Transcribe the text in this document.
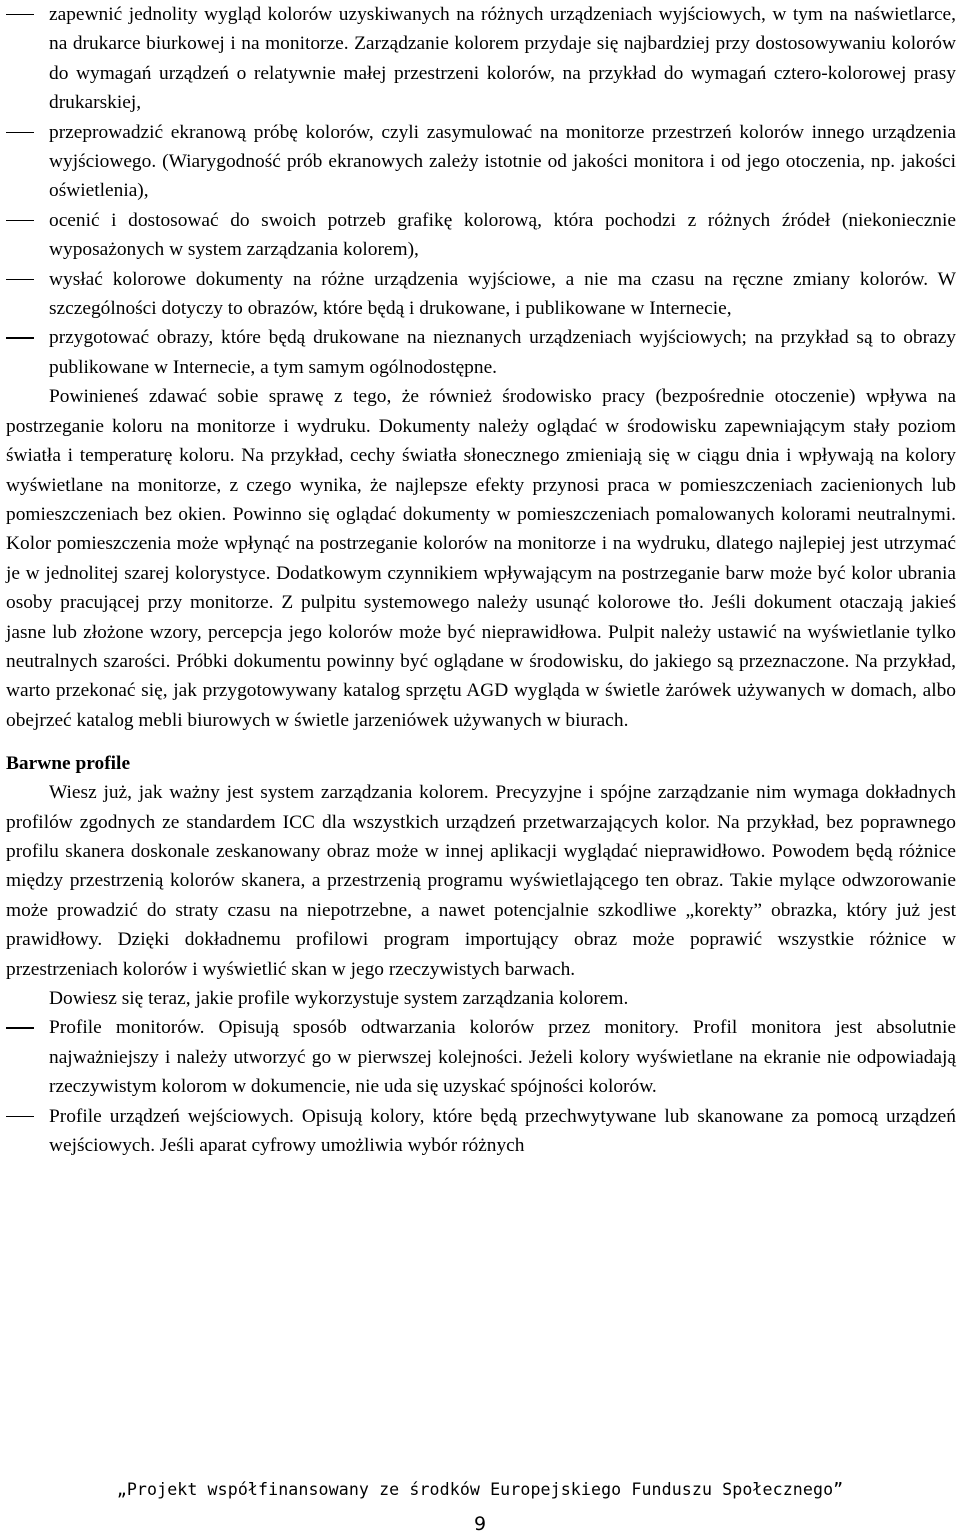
zapewnić jednolity wygląd kolorów uzyskiwanych na różnych urządzeniach wyjściowych, w tym na naświetlarce, na drukarce biurkowej i na monitorze. Zarządzanie kolorem przydaje się najbardziej przy dostosowywaniu kolorów do wymagań urządzeń o relatywnie małej przestrzeni kolorów, na przykład do wymagań cztero-kolorowej prasy drukarskiej,
przeprowadzić ekranową próbę kolorów, czyli zasymulować na monitorze przestrzeń kolorów innego urządzenia wyjściowego. (Wiarygodność prób ekranowych zależy istotnie od jakości monitora i od jego otoczenia, np. jakości oświetlenia),
ocenić i dostosować do swoich potrzeb grafikę kolorową, która pochodzi z różnych źródeł (niekoniecznie wyposażonych w system zarządzania kolorem),
wysłać kolorowe dokumenty na różne urządzenia wyjściowe, a nie ma czasu na ręczne zmiany kolorów. W szczególności dotyczy to obrazów, które będą i drukowane, i publikowane w Internecie,
przygotować obrazy, które będą drukowane na nieznanych urządzeniach wyjściowych; na przykład są to obrazy publikowane w Internecie, a tym samym ogólnodostępne.

Powinieneś zdawać sobie sprawę z tego, że również środowisko pracy (bezpośrednie otoczenie) wpływa na postrzeganie koloru na monitorze i wydruku. Dokumenty należy oglądać w środowisku zapewniającym stały poziom światła i temperaturę koloru. Na przykład, cechy światła słonecznego zmieniają się w ciągu dnia i wpływają na kolory wyświetlane na monitorze, z czego wynika, że najlepsze efekty przynosi praca w pomieszczeniach zacienionych lub pomieszczeniach bez okien. Powinno się oglądać dokumenty w pomieszczeniach pomalowanych kolorami neutralnymi. Kolor pomieszczenia może wpłynąć na postrzeganie kolorów na monitorze i na wydruku, dlatego najlepiej jest utrzymać je w jednolitej szarej kolorystyce. Dodatkowym czynnikiem wpływającym na postrzeganie barw może być kolor ubrania osoby pracującej przy monitorze. Z pulpitu systemowego należy usunąć kolorowe tło. Jeśli dokument otaczają jakieś jasne lub złożone wzory, percepcja jego kolorów może być nieprawidłowa. Pulpit należy ustawić na wyświetlanie tylko neutralnych szarości. Próbki dokumentu powinny być oglądane w środowisku, do jakiego są przeznaczone. Na przykład, warto przekonać się, jak przygotowywany katalog sprzętu AGD wygląda w świetle żarówek używanych w domach, albo obejrzeć katalog mebli biurowych w świetle jarzeniówek używanych w biurach.

Barwne profile

Wiesz już, jak ważny jest system zarządzania kolorem. Precyzyjne i spójne zarządzanie nim wymaga dokładnych profilów zgodnych ze standardem ICC dla wszystkich urządzeń przetwarzających kolor. Na przykład, bez poprawnego profilu skanera doskonale zeskanowany obraz może w innej aplikacji wyglądać nieprawidłowo. Powodem będą różnice między przestrzenią kolorów skanera, a przestrzenią programu wyświetlającego ten obraz. Takie mylące odwzorowanie może prowadzić do straty czasu na niepotrzebne, a nawet potencjalnie szkodliwe „korekty” obrazka, który już jest prawidłowy. Dzięki dokładnemu profilowi program importujący obraz może poprawić wszystkie różnice w przestrzeniach kolorów i wyświetlić skan w jego rzeczywistych barwach.

Dowiesz się teraz, jakie profile wykorzystuje system zarządzania kolorem.

Profile monitorów. Opisują sposób odtwarzania kolorów przez monitory. Profil monitora jest absolutnie najważniejszy i należy utworzyć go w pierwszej kolejności. Jeżeli kolory wyświetlane na ekranie nie odpowiadają rzeczywistym kolorom w dokumencie, nie uda się uzyskać spójności kolorów.
Profile urządzeń wejściowych. Opisują kolory, które będą przechwytywane lub skanowane za pomocą urządzeń wejściowych. Jeśli aparat cyfrowy umożliwia wybór różnych
„Projekt współfinansowany ze środków Europejskiego Funduszu Społecznego”
9
